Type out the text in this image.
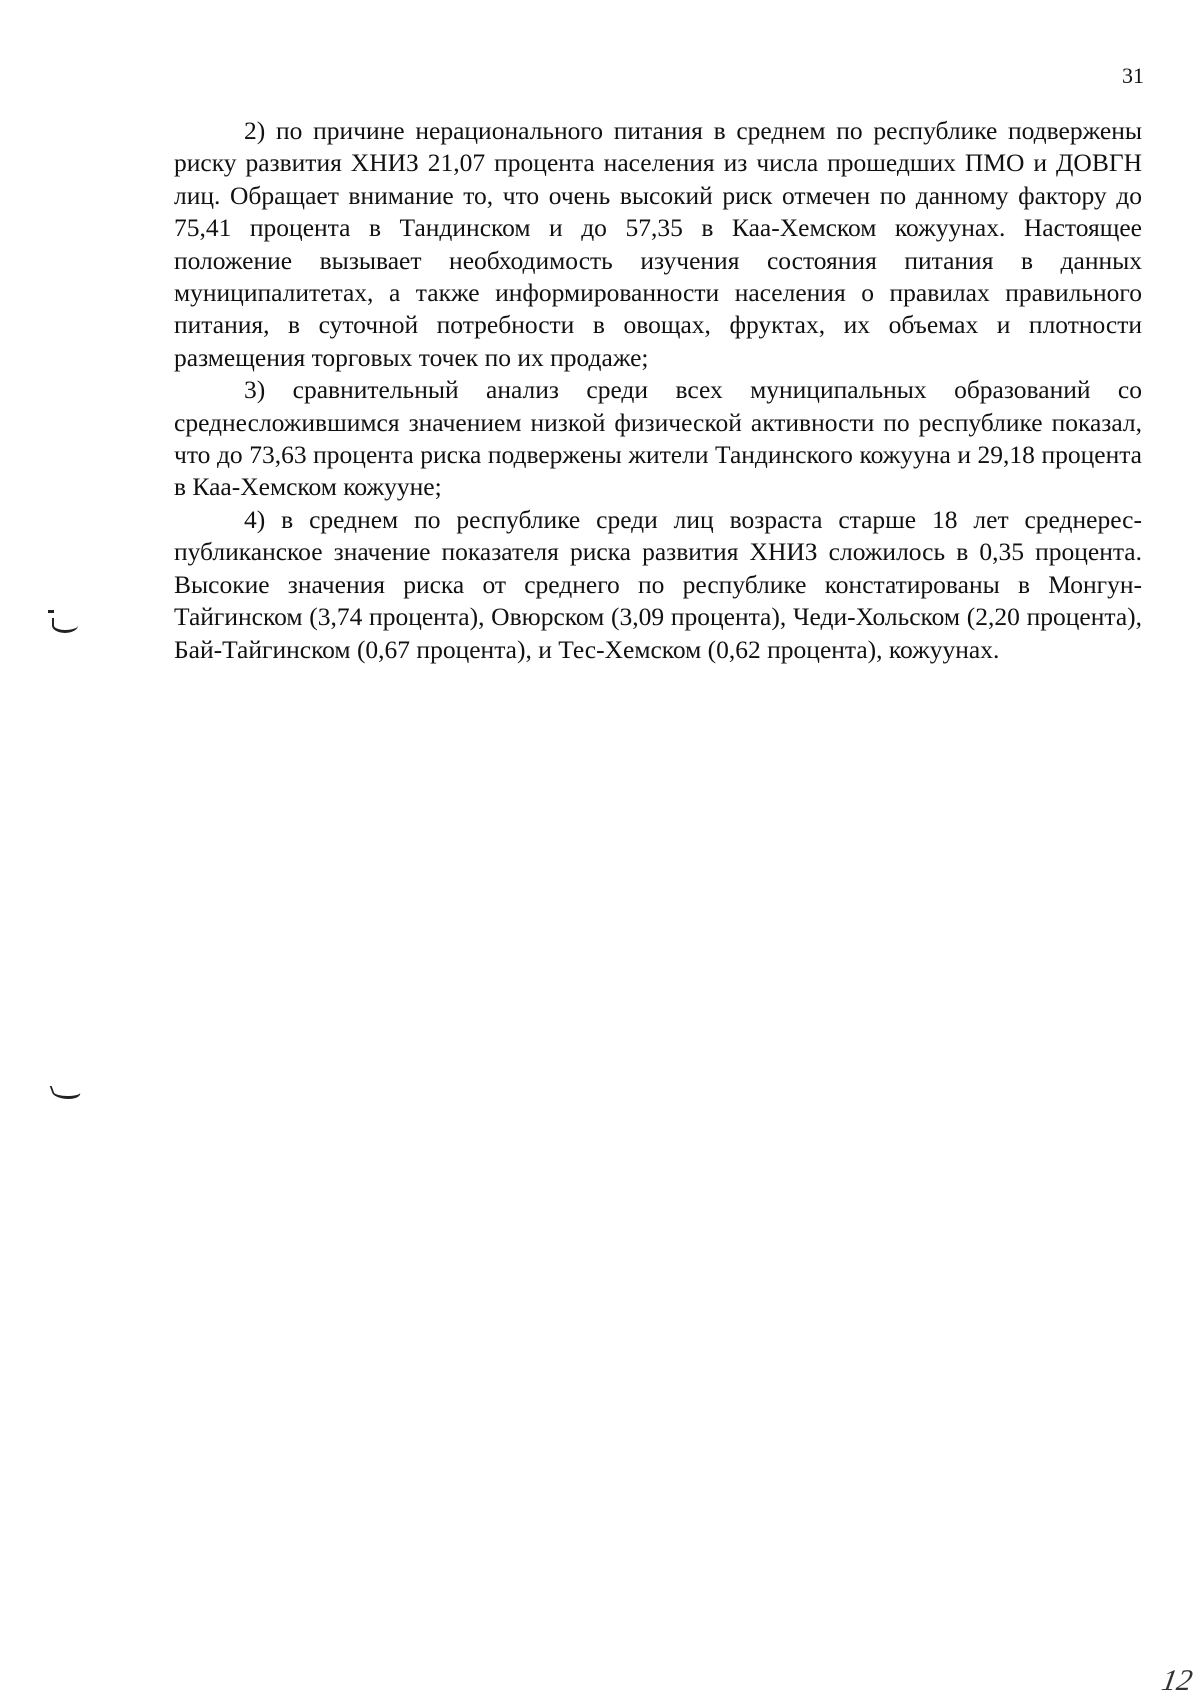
31

2) по причине нерационального питания в среднем по республике подвержены риску развития ХНИЗ 21,07 процента населения из числа прошедших ПМО и ДОВГН лиц. Обращает внимание то, что очень высокий риск отмечен по данному фактору до 75,41 процента в Тандинском и до 57,35 в Каа-Хемском кожуунах. Настоящее положение вызывает необходимость изучения состояния питания в данных муниципалитетах, а также информированности населения о правилах правильного питания, в суточной потребности в овощах, фруктах, их объемах и плотности размещения торговых точек по их продаже;

3) сравнительный анализ среди всех муниципальных образований со среднесложившимся значением низкой физической активности по республике показал, что до 73,63 процента риска подвержены жители Тандинского кожууна и 29,18 процента в Каа-Хемском кожууне;

4) в среднем по республике среди лиц возраста старше 18 лет среднереспубликанское значение показателя риска развития ХНИЗ сложилось в 0,35 процента. Высокие значения риска от среднего по республике констатированы в Монгун-Тайгинском (3,74 процента), Овюрском (3,09 процента), Чеди-Хольском (2,20 процента), Бай-Тайгинском (0,67 процента), и Тес-Хемском (0,62 процента), кожуунах.

12
